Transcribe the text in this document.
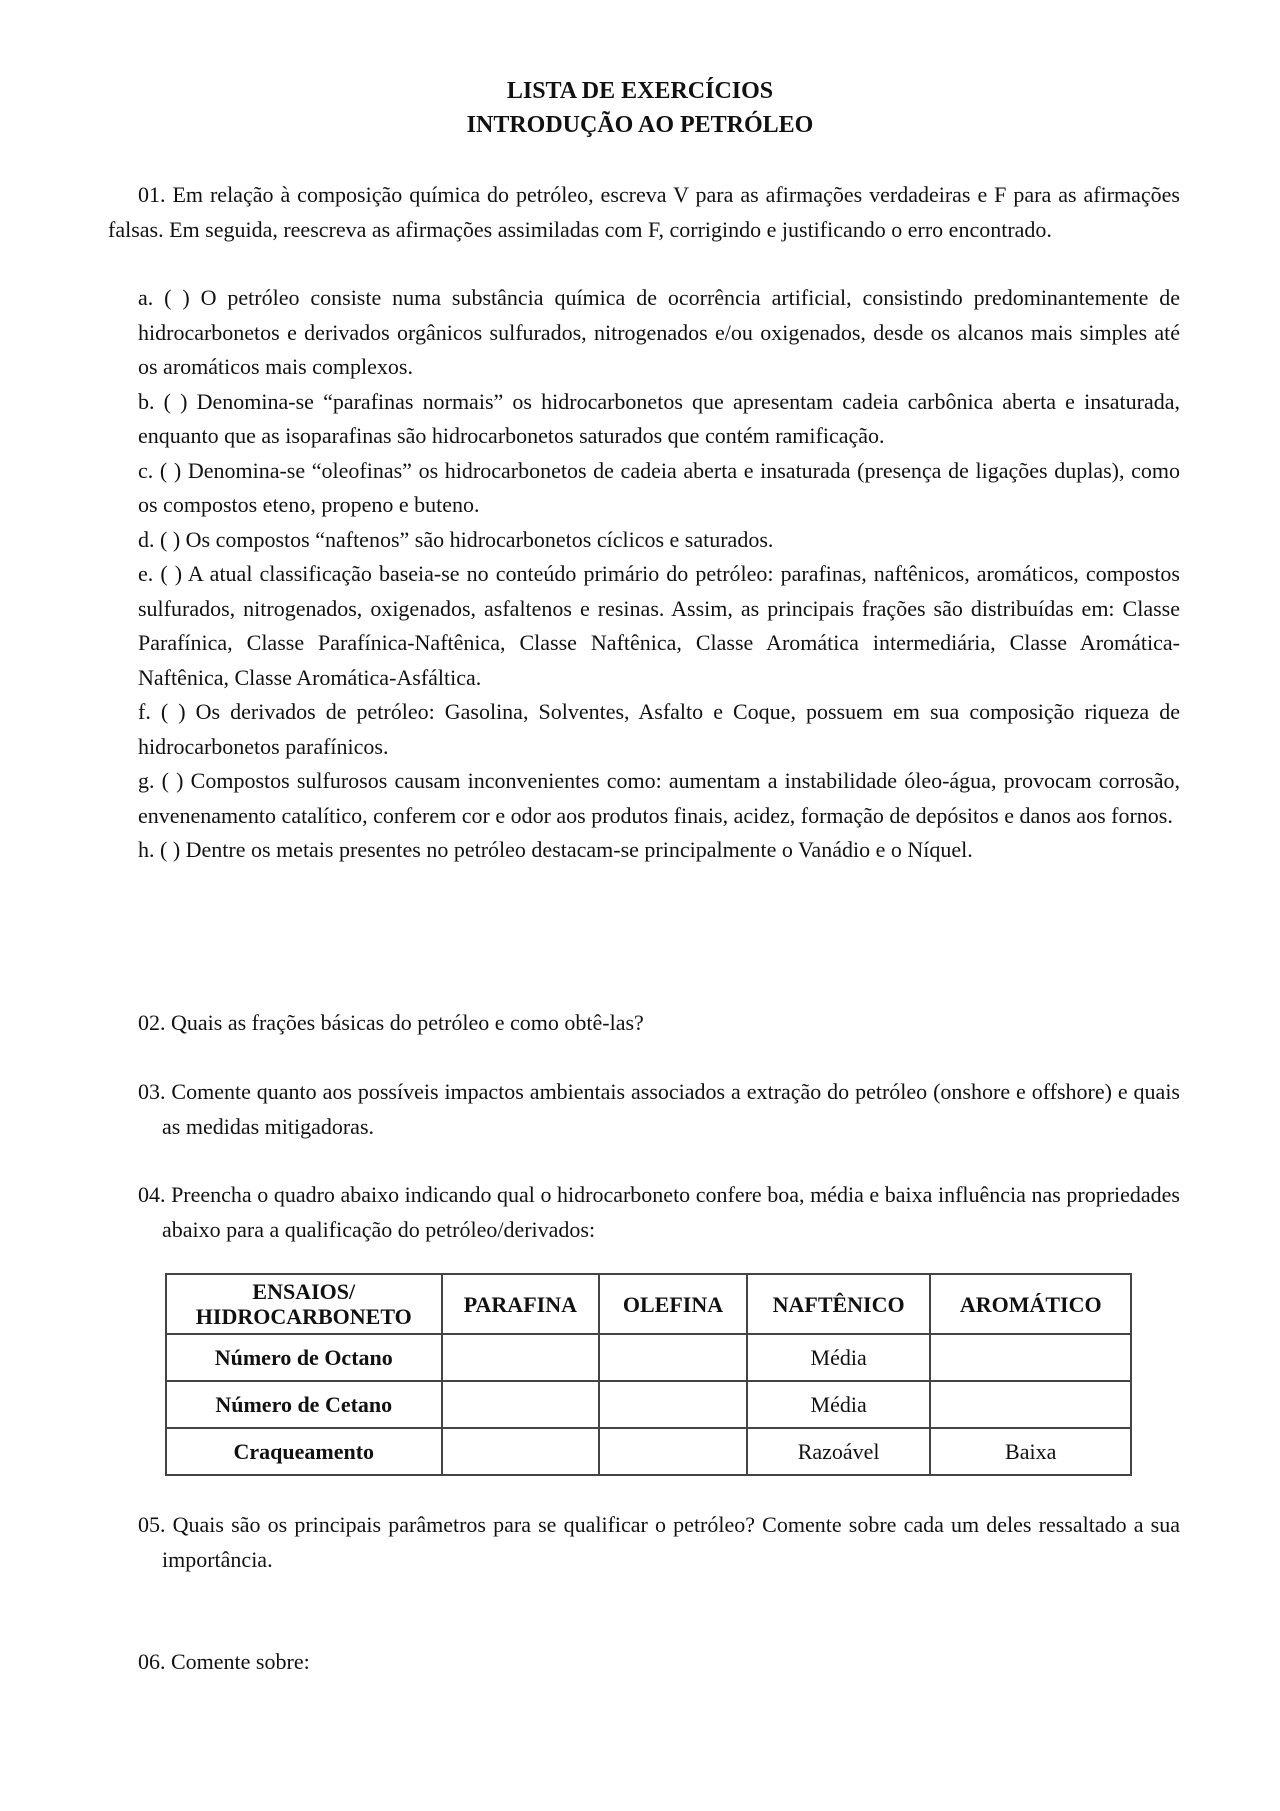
LISTA DE EXERCÍCIOS
INTRODUÇÃO AO PETRÓLEO
01. Em relação à composição química do petróleo, escreva V para as afirmações verdadeiras e F para as afirmações falsas. Em seguida, reescreva as afirmações assimiladas com F, corrigindo e justificando o erro encontrado.

a. ( ) O petróleo consiste numa substância química de ocorrência artificial, consistindo predominantemente de hidrocarbonetos e derivados orgânicos sulfurados, nitrogenados e/ou oxigenados, desde os alcanos mais simples até os aromáticos mais complexos.

b. ( ) Denomina-se “parafinas normais” os hidrocarbonetos que apresentam cadeia carbônica aberta e insaturada, enquanto que as isoparafinas são hidrocarbonetos saturados que contém ramificação.

c. ( ) Denomina-se “oleofinas” os hidrocarbonetos de cadeia aberta e insaturada (presença de ligações duplas), como os compostos eteno, propeno e buteno.

d. ( ) Os compostos “naftenos” são hidrocarbonetos cíclicos e saturados.

e. ( ) A atual classificação baseia-se no conteúdo primário do petróleo: parafinas, naftênicos, aromáticos, compostos sulfurados, nitrogenados, oxigenados, asfaltenos e resinas. Assim, as principais frações são distribuídas em: Classe Parafínica, Classe Parafínica-Naftênica, Classe Naftênica, Classe Aromática intermediária, Classe Aromática-Naftênica, Classe Aromática-Asfáltica.

f. ( ) Os derivados de petróleo: Gasolina, Solventes, Asfalto e Coque, possuem em sua composição riqueza de hidrocarbonetos parafínicos.

g. ( ) Compostos sulfurosos causam inconvenientes como: aumentam a instabilidade óleo-água, provocam corrosão, envenenamento catalítico, conferem cor e odor aos produtos finais, acidez, formação de depósitos e danos aos fornos.

h. ( ) Dentre os metais presentes no petróleo destacam-se principalmente o Vanádio e o Níquel.

02. Quais as frações básicas do petróleo e como obtê-las?
03. Comente quanto aos possíveis impactos ambientais associados a extração do petróleo (onshore e offshore) e quais as medidas mitigadoras.
04. Preencha o quadro abaixo indicando qual o hidrocarboneto confere boa, média e baixa influência nas propriedades abaixo para a qualificação do petróleo/derivados:
ENSAIOS/ HIDROCARBONETO	PARAFINA	OLEFINA	NAFTÊNICO	AROMÁTICO
Número de Octano			Média	
Número de Cetano			Média	
Craqueamento			Razoável	Baixa
05. Quais são os principais parâmetros para se qualificar o petróleo? Comente sobre cada um deles ressaltado a sua importância.
06. Comente sobre:
